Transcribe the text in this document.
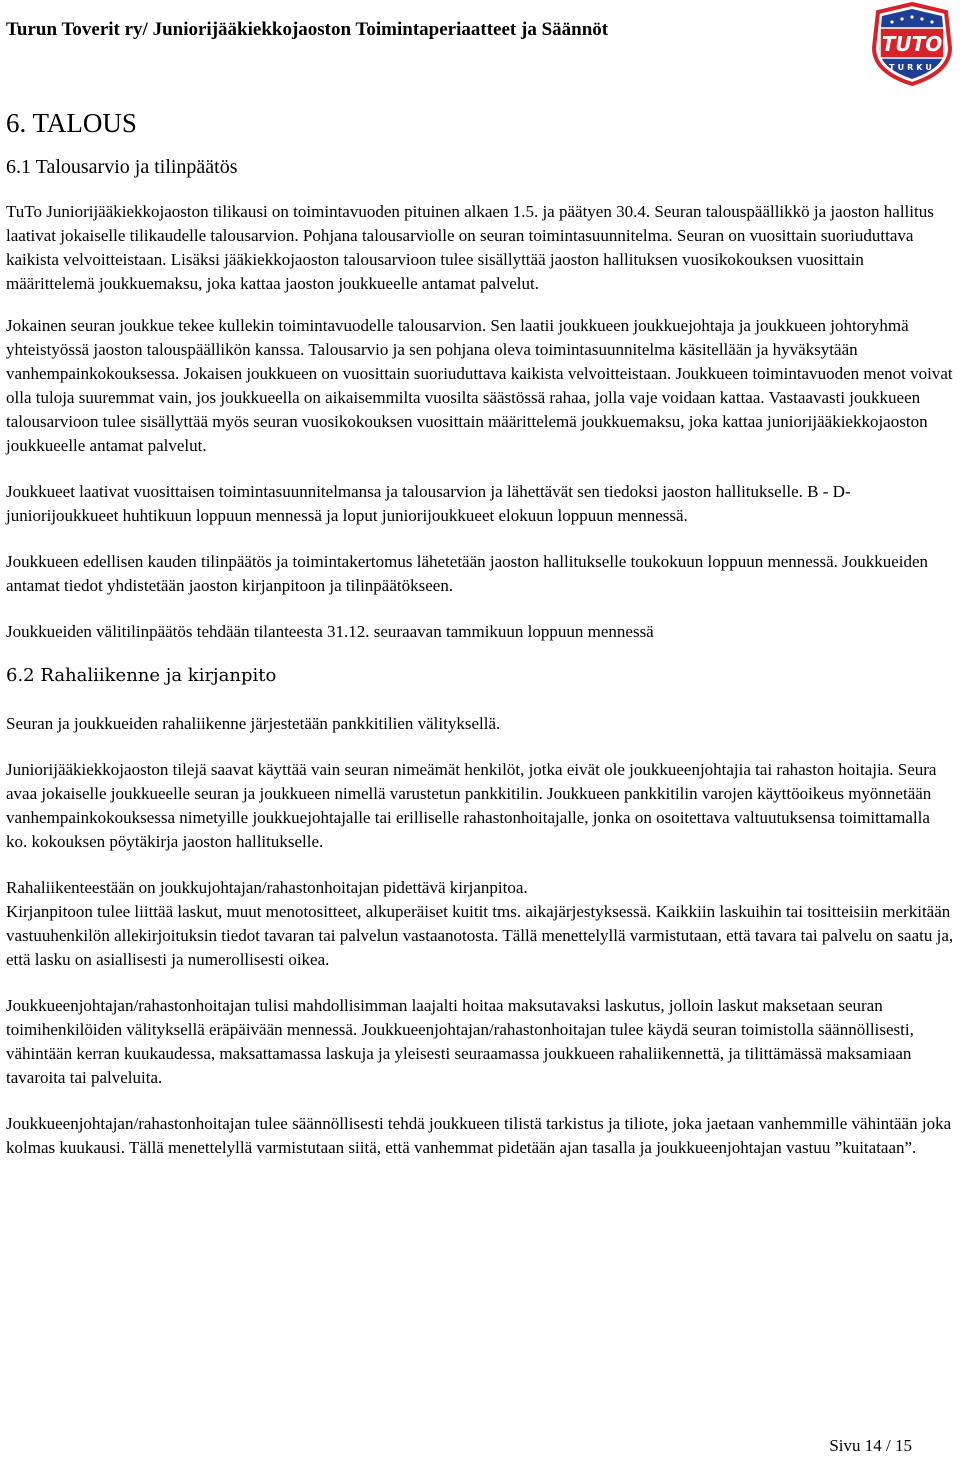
Turun Toverit ry/ Juniorijääkiekkojaoston Toimintaperiaatteet ja Säännöt
TUTO
TURKU
6. TALOUS
6.1 Talousarvio ja tilinpäätös

TuTo Juniorijääkiekkojaoston tilikausi on toimintavuoden pituinen alkaen 1.5. ja päätyen 30.4. Seuran talouspäällikkö ja jaoston hallitus laativat jokaiselle tilikaudelle talousarvion. Pohjana talousarviolle on seuran toimintasuunnitelma. Seuran on vuosittain suoriuduttava kaikista velvoitteistaan. Lisäksi jääkiekkojaoston talousarvioon tulee sisällyttää jaoston hallituksen vuosikokouksen vuosittain määrittelemä joukkuemaksu, joka kattaa jaoston joukkueelle antamat palvelut.

Jokainen seuran joukkue tekee kullekin toimintavuodelle talousarvion. Sen laatii joukkueen joukkuejohtaja ja joukkueen johtoryhmä yhteistyössä jaoston talouspäällikön kanssa. Talousarvio ja sen pohjana oleva toimintasuunnitelma käsitellään ja hyväksytään vanhempainkokouksessa. Jokaisen joukkueen on vuosittain suoriuduttava kaikista velvoitteistaan. Joukkueen toimintavuoden menot voivat olla tuloja suuremmat vain, jos joukkueella on aikaisemmilta vuosilta säästössä rahaa, jolla vaje voidaan kattaa. Vastaavasti joukkueen talousarvioon tulee sisällyttää myös seuran vuosikokouksen vuosittain määrittelemä joukkuemaksu, joka kattaa juniorijääkiekkojaoston joukkueelle antamat palvelut.

Joukkueet laativat vuosittaisen toimintasuunnitelmansa ja talousarvion ja lähettävät sen tiedoksi jaoston hallitukselle. B - D-juniorijoukkueet huhtikuun loppuun mennessä ja loput juniorijoukkueet elokuun loppuun mennessä.

Joukkueen edellisen kauden tilinpäätös ja toimintakertomus lähetetään jaoston hallitukselle toukokuun loppuun mennessä. Joukkueiden antamat tiedot yhdistetään jaoston kirjanpitoon ja tilinpäätökseen.

Joukkueiden välitilinpäätös tehdään tilanteesta 31.12. seuraavan tammikuun loppuun mennessä

6.2 Rahaliikenne ja kirjanpito

Seuran ja joukkueiden rahaliikenne järjestetään pankkitilien välityksellä.

Juniorijääkiekkojaoston tilejä saavat käyttää vain seuran nimeämät henkilöt, jotka eivät ole joukkueenjohtajia tai rahaston hoitajia. Seura avaa jokaiselle joukkueelle seuran ja joukkueen nimellä varustetun pankkitilin. Joukkueen pankkitilin varojen käyttöoikeus myönnetään vanhempainkokouksessa nimetyille joukkuejohtajalle tai erilliselle rahastonhoitajalle, jonka on osoitettava valtuutuksensa toimittamalla ko. kokouksen pöytäkirja jaoston hallitukselle.

Rahaliikenteestään on joukkujohtajan/rahastonhoitajan pidettävä kirjanpitoa.

Kirjanpitoon tulee liittää laskut, muut menotositteet, alkuperäiset kuitit tms. aikajärjestyksessä. Kaikkiin laskuihin tai tositteisiin merkitään vastuuhenkilön allekirjoituksin tiedot tavaran tai palvelun vastaanotosta. Tällä menettelyllä varmistutaan, että tavara tai palvelu on saatu ja, että lasku on asiallisesti ja numerollisesti oikea.

Joukkueenjohtajan/rahastonhoitajan tulisi mahdollisimman laajalti hoitaa maksutavaksi laskutus, jolloin laskut maksetaan seuran toimihenkilöiden välityksellä eräpäivään mennessä. Joukkueenjohtajan/rahastonhoitajan tulee käydä seuran toimistolla säännöllisesti, vähintään kerran kuukaudessa, maksattamassa laskuja ja yleisesti seuraamassa joukkueen rahaliikennettä, ja tilittämässä maksamiaan tavaroita tai palveluita.

Joukkueenjohtajan/rahastonhoitajan tulee säännöllisesti tehdä joukkueen tilistä tarkistus ja tiliote, joka jaetaan vanhemmille vähintään joka kolmas kuukausi. Tällä menettelyllä varmistutaan siitä, että vanhemmat pidetään ajan tasalla ja joukkueenjohtajan vastuu ”kuitataan”.

Sivu 14 / 15
